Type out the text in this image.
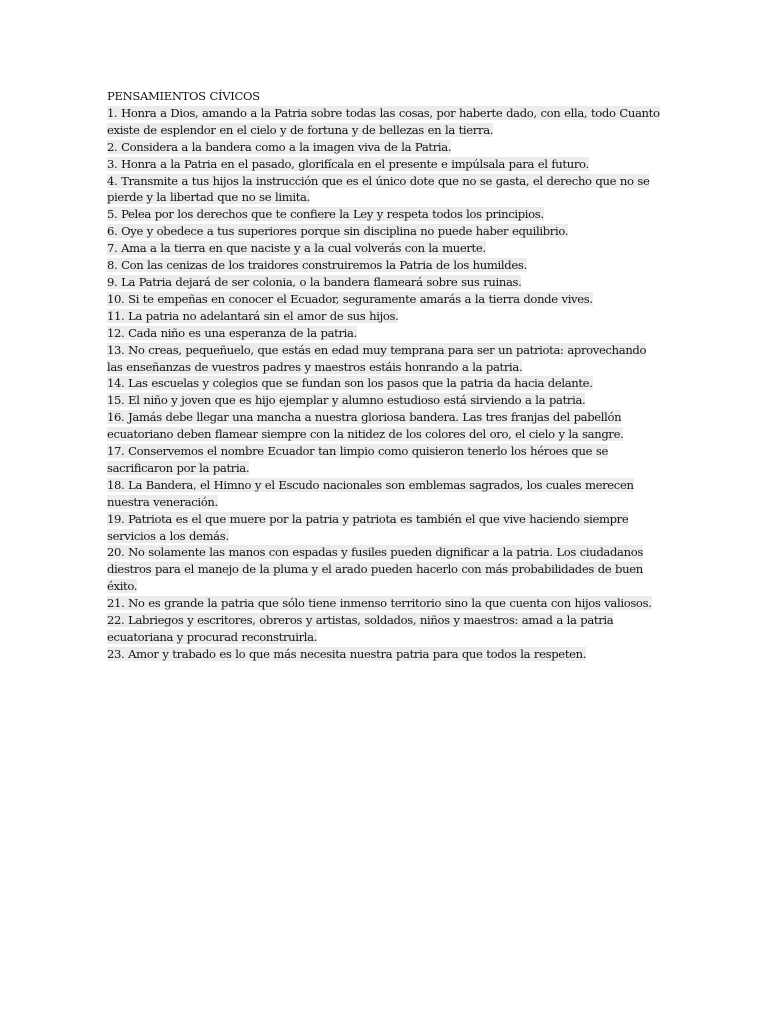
PENSAMIENTOS CÍVICOS
1. Honra a Dios, amando a la Patria sobre todas las cosas, por haberte dado, con ella, todo Cuanto existe de esplendor en el cielo y de fortuna y de bellezas en la tierra.
2. Considera a la bandera como a la imagen viva de la Patria.
3. Honra a la Patria en el pasado, glorifícala en el presente e impúlsala para el futuro.
4. Transmite a tus hijos la instrucción que es el único dote que no se gasta, el derecho que no se pierde y la libertad que no se limita.
5. Pelea por los derechos que te confiere la Ley y respeta todos los principios.
6. Oye y obedece a tus superiores porque sin disciplina no puede haber equilibrio.
7. Ama a la tierra en que naciste y a la cual volverás con la muerte.
8. Con las cenizas de los traidores construiremos la Patria de los humildes.
9. La Patria dejará de ser colonia, o la bandera flameará sobre sus ruinas.
10. Si te empeñas en conocer el Ecuador, seguramente amarás a la tierra donde vives.
11. La patria no adelantará sin el amor de sus hijos.
12. Cada niño es una esperanza de la patria.
13. No creas, pequeñuelo, que estás en edad muy temprana para ser un patriota: aprovechando las enseñanzas de vuestros padres y maestros estáis honrando a la patria.
14. Las escuelas y colegios que se fundan son los pasos que la patria da hacia delante.
15. El niño y joven que es hijo ejemplar y alumno estudioso está sirviendo a la patria.
16. Jamás debe llegar una mancha a nuestra gloriosa bandera. Las tres franjas del pabellón ecuatoriano deben flamear siempre con la nitidez de los colores del oro, el cielo y la sangre.
17. Conservemos el nombre Ecuador tan limpio como quisieron tenerlo los héroes que se sacrificaron por la patria.
18. La Bandera, el Himno y el Escudo nacionales son emblemas sagrados, los cuales merecen nuestra veneración.
19. Patriota es el que muere por la patria y patriota es también el que vive haciendo siempre servicios a los demás.
20. No solamente las manos con espadas y fusiles pueden dignificar a la patria. Los ciudadanos diestros para el manejo de la pluma y el arado pueden hacerlo con más probabilidades de buen éxito.
21. No es grande la patria que sólo tiene inmenso territorio sino la que cuenta con hijos valiosos.
22. Labriegos y escritores, obreros y artistas, soldados, niños y maestros: amad a la patria ecuatoriana y procurad reconstruirla.
23. Amor y trabado es lo que más necesita nuestra patria para que todos la respeten.
